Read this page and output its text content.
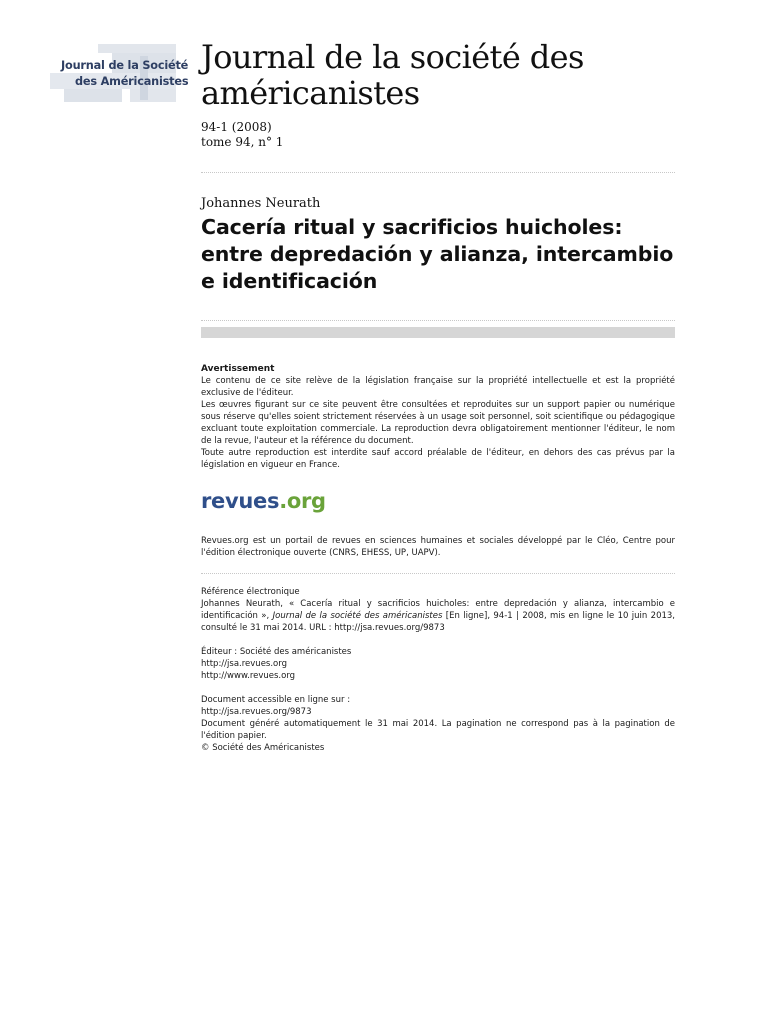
Journal de la Société
des Américanistes
Journal de la société des américanistes
94-1 (2008)
tome 94, n° 1
Johannes Neurath
Cacería ritual y sacrificios huicholes: entre depredación y alianza, intercambio e identificación

Avertissement

Le contenu de ce site relève de la législation française sur la propriété intellectuelle et est la propriété exclusive de l'éditeur.

Les œuvres figurant sur ce site peuvent être consultées et reproduites sur un support papier ou numérique sous réserve qu'elles soient strictement réservées à un usage soit personnel, soit scientifique ou pédagogique excluant toute exploitation commerciale. La reproduction devra obligatoirement mentionner l'éditeur, le nom de la revue, l'auteur et la référence du document.

Toute autre reproduction est interdite sauf accord préalable de l'éditeur, en dehors des cas prévus par la législation en vigueur en France.

revues.org
Revues.org est un portail de revues en sciences humaines et sociales développé par le Cléo, Centre pour l'édition électronique ouverte (CNRS, EHESS, UP, UAPV).

Référence électronique

Johannes Neurath, « Cacería ritual y sacrificios huicholes: entre depredación y alianza, intercambio e identificación », Journal de la société des américanistes [En ligne], 94-1 | 2008, mis en ligne le 10 juin 2013, consulté le 31 mai 2014. URL : http://jsa.revues.org/9873

Éditeur : Société des américanistes

http://jsa.revues.org

http://www.revues.org

Document accessible en ligne sur :

http://jsa.revues.org/9873

Document généré automatiquement le 31 mai 2014. La pagination ne correspond pas à la pagination de l'édition papier.

© Société des Américanistes
